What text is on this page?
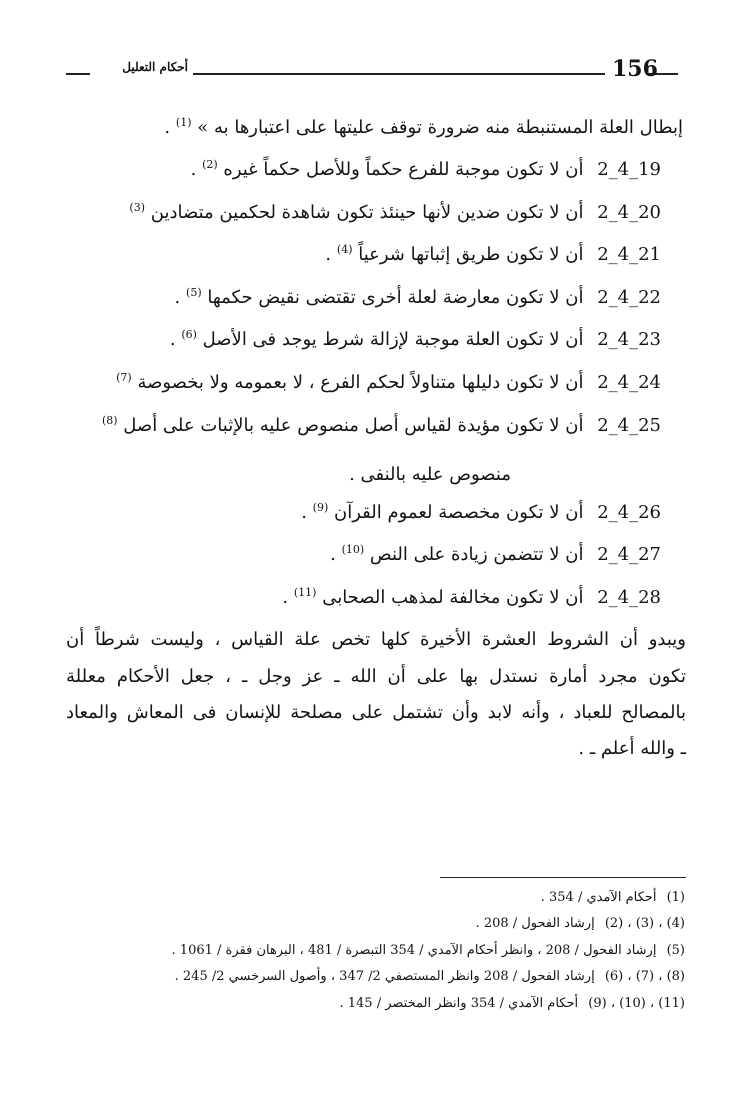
156
أحكام التعليل
إبطال العلة المستنبطة منه ضرورة توقف عليتها على اعتبارها به » $^{(1)}$ .
2_4_19 أن لا تكون موجبة للفرع حكماً وللأصل حكماً غيره $^{(2)}$ .
2_4_20 أن لا تكون ضدين لأنها حينئذ تكون شاهدة لحكمين متضادين $^{(3)}$
2_4_21 أن لا تكون طريق إثباتها شرعياً $^{(4)}$ .
2_4_22 أن لا تكون معارضة لعلة أخرى تقتضى نقيض حكمها $^{(5)}$ .
2_4_23 أن لا تكون العلة موجبة لإزالة شرط يوجد فى الأصل $^{(6)}$ .
2_4_24 أن لا تكون دليلها متناولاً لحكم الفرع ، لا بعمومه ولا بخصوصة $^{(7)}$
2_4_25 أن لا تكون مؤيدة لقياس أصل منصوص عليه بالإثبات على أصل $^{(8)}$
منصوص عليه بالنفى .
2_4_26 أن لا تكون مخصصة لعموم القرآن $^{(9)}$ .
2_4_27 أن لا تتضمن زيادة على النص $^{(10)}$ .
2_4_28 أن لا تكون مخالفة لمذهب الصحابى $^{(11)}$ .
ويبدو أن الشروط العشرة الأخيرة كلها تخص علة القياس ، وليست شرطاً أن
تكون مجرد أمارة نستدل بها على أن الله ـ عز وجل ـ ، جعل الأحكام معللة
بالمصالح للعباد ، وأنه لابد وأن تشتمل على مصلحة للإنسان فى المعاش والمعاد
ـ والله أعلم ـ .
(1) أحكام الآمدي / 354 .
(2) ، (3) ، (4) إرشاد الفحول / 208 .
(5) إرشاد الفحول / 208 ، وانظر أحكام الآمدي / 354 التبصرة / 481 ، البرهان فقرة / 1061 .
(6) ، (7) ، (8) إرشاد الفحول / 208 وانظر المستصفي 2/ 347 ، وأصول السرخسي 2/ 245 .
(9) ، (10) ، (11) أحكام الآمدي / 354 وانظر المختصر / 145 .
